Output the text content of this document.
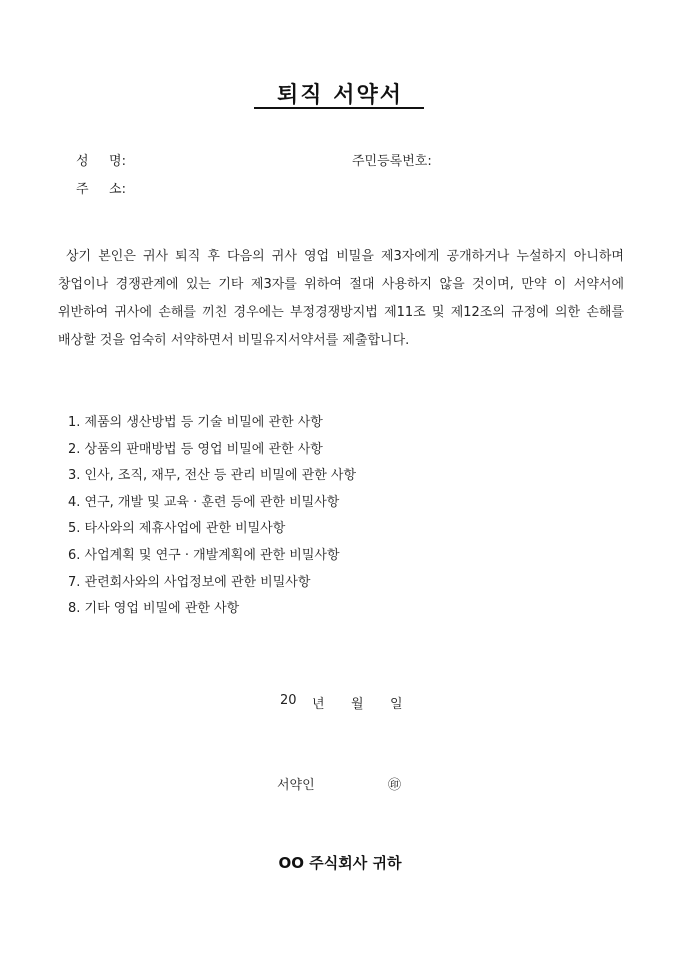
퇴직 서약서
성 명:	주민등록번호:
주 소:
상기 본인은 귀사 퇴직 후 다음의 귀사 영업 비밀을 제3자에게 공개하거나 누설하지 아니하며 창업이나 경쟁관계에 있는 기타 제3자를 위하여 절대 사용하지 않을 것이며, 만약 이 서약서에 위반하여 귀사에 손해를 끼친 경우에는 부정경쟁방지법 제11조 및 제12조의 규정에 의한 손해를 배상할 것을 엄숙히 서약하면서 비밀유지서약서를 제출합니다.
1. 제품의 생산방법 등 기술 비밀에 관한 사항
2. 상품의 판매방법 등 영업 비밀에 관한 사항
3. 인사, 조직, 재무, 전산 등 관리 비밀에 관한 사항
4. 연구, 개발 및 교육 · 훈련 등에 관한 비밀사항
5. 타사와의 제휴사업에 관한 비밀사항
6. 사업계획 및 연구 · 개발계획에 관한 비밀사항
7. 관련회사와의 사업정보에 관한 비밀사항
8. 기타 영업 비밀에 관한 사항
20 년 월 일
서약인	㊞
OO 주식회사 귀하
